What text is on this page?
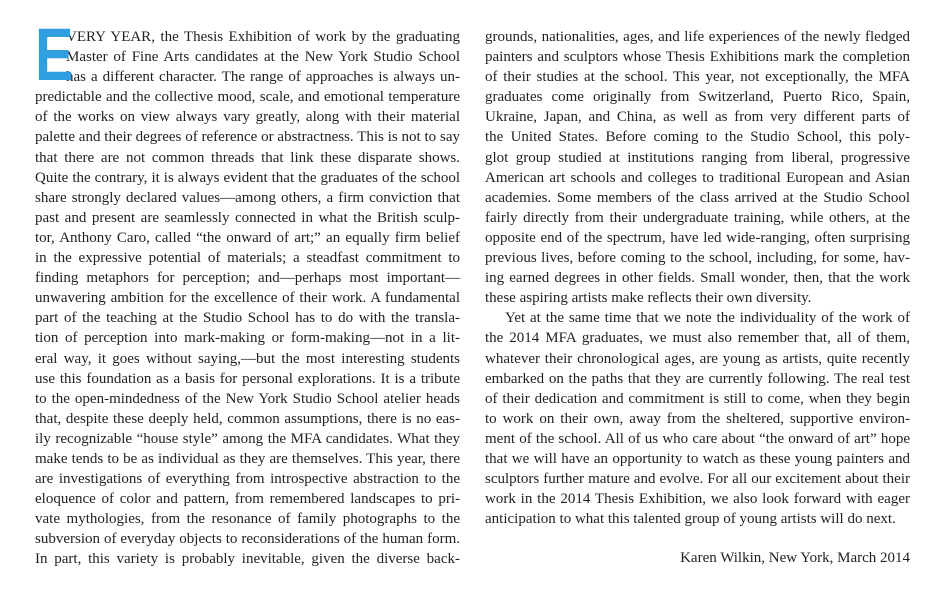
E
VERY YEAR, the Thesis Exhibition of work by the graduating
Master of Fine Arts candidates at the New York Studio School
has a different character. The range of approaches is always un-
predictable and the collective mood, scale, and emotional temperature
of the works on view always vary greatly, along with their material
palette and their degrees of reference or abstractness. This is not to say
that there are not common threads that link these disparate shows.
Quite the contrary, it is always evident that the graduates of the school
share strongly declared values—among others, a firm conviction that
past and present are seamlessly connected in what the British sculp-
tor, Anthony Caro, called “the onward of art;” an equally firm belief
in the expressive potential of materials; a steadfast commitment to
finding metaphors for perception; and—perhaps most important—
unwavering ambition for the excellence of their work. A fundamental
part of the teaching at the Studio School has to do with the transla-
tion of perception into mark-making or form-making—not in a lit-
eral way, it goes without saying,—but the most interesting students
use this foundation as a basis for personal explorations. It is a tribute
to the open-mindedness of the New York Studio School atelier heads
that, despite these deeply held, common assumptions, there is no eas-
ily recognizable “house style” among the MFA candidates. What they
make tends to be as individual as they are themselves. This year, there
are investigations of everything from introspective abstraction to the
eloquence of color and pattern, from remembered landscapes to pri-
vate mythologies, from the resonance of family photographs to the
subversion of everyday objects to reconsiderations of the human form.
In part, this variety is probably inevitable, given the diverse back-
grounds, nationalities, ages, and life experiences of the newly fledged
painters and sculptors whose Thesis Exhibitions mark the completion
of their studies at the school. This year, not exceptionally, the MFA
graduates come originally from Switzerland, Puerto Rico, Spain,
Ukraine, Japan, and China, as well as from very different parts of
the United States. Before coming to the Studio School, this poly-
glot group studied at institutions ranging from liberal, progressive
American art schools and colleges to traditional European and Asian
academies. Some members of the class arrived at the Studio School
fairly directly from their undergraduate training, while others, at the
opposite end of the spectrum, have led wide-ranging, often surprising
previous lives, before coming to the school, including, for some, hav-
ing earned degrees in other fields. Small wonder, then, that the work
these aspiring artists make reflects their own diversity.
Yet at the same time that we note the individuality of the work of
the 2014 MFA graduates, we must also remember that, all of them,
whatever their chronological ages, are young as artists, quite recently
embarked on the paths that they are currently following. The real test
of their dedication and commitment is still to come, when they begin
to work on their own, away from the sheltered, supportive environ-
ment of the school. All of us who care about “the onward of art” hope
that we will have an opportunity to watch as these young painters and
sculptors further mature and evolve. For all our excitement about their
work in the 2014 Thesis Exhibition, we also look forward with eager
anticipation to what this talented group of young artists will do next.
Karen Wilkin, New York, March 2014
